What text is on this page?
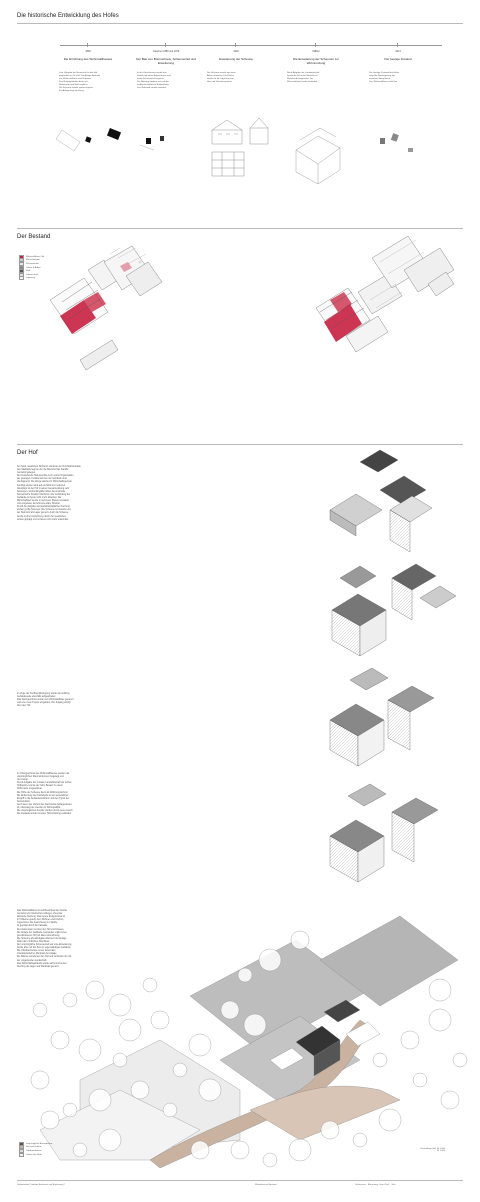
Die historische Entwicklung des Hofes
1860
Die Errichtung des Wohnstallhauses
Laut Urkunde der Bauernhof ist der Hof
gegründet im 19. Jhd. Die Anlage bestand
aus Wohnstallhaus und Scheune.
Das Hauptgebäude diente als
Wohnraum und Stall zugleich.
Die Scheune wurde später ergänzt.
Die Anlage liegt am Hang.
zwischen 1880 und 1979
Der Bau von Brennerhaus, Scheunenteil und Erweiterung
In der Zwischenzeit wurde das
Gehöft um einen Brennerhaus und
einen Scheunenteil ergänzt.
Die Nutzung änderte sich mit der
landwirtschaftlichen Entwicklung.
Das Gebäude wurde erweitert.
1920
Erweiterung der Scheune
Die Scheune wurde um einen
Anbau erweitert. Die Fläche
wurde für die Lagerung von
Heu und Geräten genutzt.
1980er
Die Erweiterung der Scheunen zur Wohnnutzung
Nach Aufgabe der Landwirtschaft
wurde die Scheune teilweise zu
Wohnraum umgenutzt. Der
Wirtschaftsteil wurde verändert.
2013
Der heutige Zustand
Der heutige Zustand des Hofes
zeigt die Überlagerung der
einzelnen Bauphasen.
Das Wohnstallhaus steht leer.
Der Bestand
Wohnstallhaus Teil
Wirtschaftsteil
Scheunenteil
Leben & Arbeit
Stall
Lebensraum
Lagerung
Der Hof
Am Nord- westlichen Dorfrand, direkt an der Durchfahrtsstraße
des Stadtteils liegt an der die Baumhof der Familie
Gerrwind gelegen.
Der bestehende Hofensemble ist in seiner Organisation
der gewogen. Funktionszonen der Gebäude sind
überlappend. Die Wege welche für Wirtschaftsgerüste
benötigt wurden sind auf ein Minimum reduziert.
Allerdings ist der Hof in seiner Gesamtwirkung sehr
heterogen. Grobe Eingriffe haben die einstmals
harmonische Struktur überformt. Die Verbindung der
Gebäude ist heute nicht mehr ablesbar. Der
Wirtschaftsteil wurde in mehreren Phasen erweitert
und umgebaut. Es fehlt eine klare Struktur.
Durch die Aufgabe der landwirtschaftlichen Nutzung
stehen große Teile leer. Die Scheune ist marode und
der Stall wird als Lager genutzt. Auch die Scheune
wurde in ihrer Ausrichtung durch den westlichen
Anbau geprägt und ist heute nicht mehr erkennbar.
Im Zuge der Fachwerkfreilegung wurde die südliche
Gebäudeseite ebenfalls aufgearbeitet.
Das Dachgeschoss wurde vom Wohnstallhaus getrennt
und eine neue Treppe eingebaut. Der Zugang erfolgt
über den Hof.
Im Obergeschoss des Wohnstallhauses wurden die
ursprünglichen Raumstrukturen freigelegt und
neu belegt.
Durch Aufgabe der privaten Landwirtschaft der letzten
Hofbesitzer wurde der hohe Besatz zu einem
Wohnraum umgewidmet.
Die Höhe der Scheune dient als Wohnungsschutz.
Die Entfernung des Fachwerks ist ein wesentlicher
Eingriff in die Gebäudesubstanz und den Typus der
Konstruktion.
Auch wenn der Verlust des Fachwerks beklagenswert
ist, überwiegt der Gewinn an Wohnqualität.
Die ursprünglichen Fenster wurden durch neue ersetzt.
Die Fassade wurde mit einer Holzschalung verkleidet.
Das Wohnstallhaus ist seit Beschluss der Familie
Gerrwind ein historisches Anliegen ohne klar
definierte Nutzung. Das Innere Erdgeschoss ist
in 5 Räume geteilt, dem Wohnen und Kochen
zugeordnet. Die Ausrichtung zur Straße
ist geprägt durch die Fassade.
Der Gartenraum ist über den Hof erschlossen.
Die Anlage der Gebäude zueinander ergibt einen
geschlossenen Hof mit klarer Ausrichtung.
Die Scheune als wichtigstes Element der Anlage
bildet den nördlichen Abschluss.
Der ursprüngliche Scheunenteil war eine Erweiterung,
wurde aber mit der Zeit ein eigenständiges Gebäude.
Die Obstbaumwiese ist ein besonders
charakteristisches Merkmal der Anlage.
Die Bäume umrahmen den Hof und verbinden ihn mit
der umgebenden Landschaft.
Das Wirtschaftsgebäude wurde auf Grund seiner
Nutzung als Lager und Werkstatt genutzt.
ursprüngliche Bausubstanz
Hof und Zufahrt
Obstbaumwiese
Garten der Höfe
Gesamtlage Hof, M 1:500
M 1:500
Diplomarbeit Tradition Baukunst und Ergänzung?	Weiterbau im Bestand	Verfasserin · Betreuung: Univ.-Prof. · Jahr
